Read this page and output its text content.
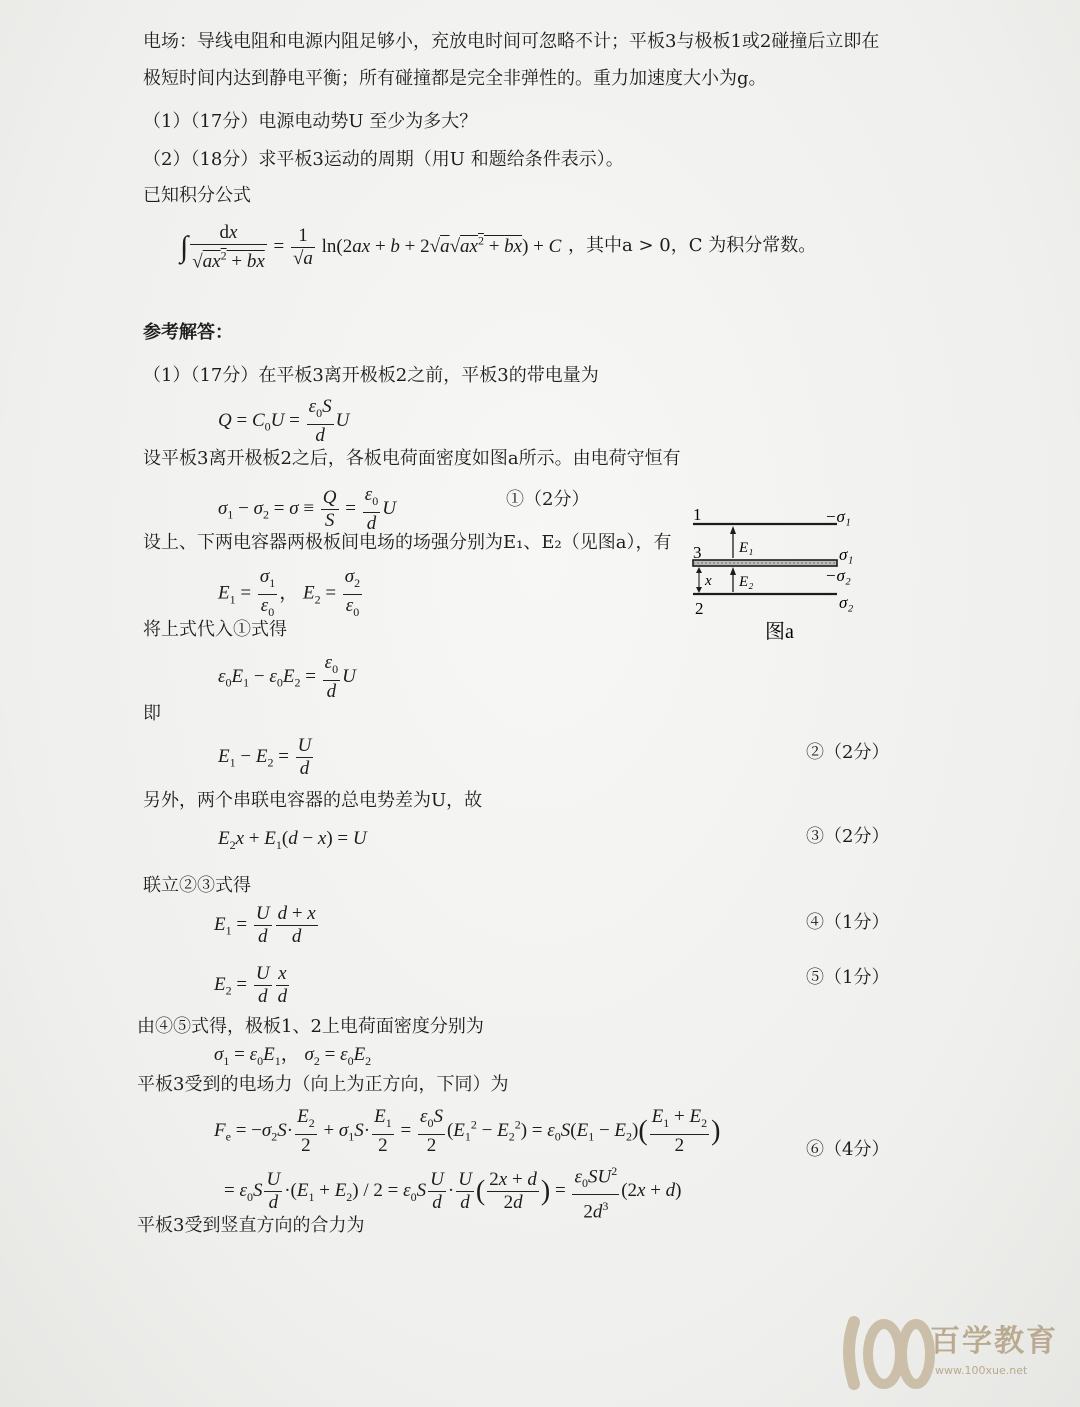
电场：导线电阻和电源内阻足够小，充放电时间可忽略不计；平板3与极板1或2碰撞后立即在
极短时间内达到静电平衡；所有碰撞都是完全非弹性的。重力加速度大小为g。
（1）（17分）电源电动势U 至少为多大？
（2）（18分）求平板3运动的周期（用U 和题给条件表示）。
已知积分公式
∫ $\frac{dx}{√ax^2 + bx} = \frac{1}{√a} \ln(2ax + b + 2√a√ax^2 + bx) + C$ ，其中a > 0，C 为积分常数。
参考解答：
（1）（17分）在平板3离开极板2之前，平板3的带电量为
$Q = C_0U = \frac{\varepsilon_0S}{d}$ U
设平板3离开极板2之后，各板电荷面密度如图a所示。由电荷守恒有
$\sigma_1 - \sigma_2 = \sigma \equiv \frac{Q}{S} = \frac{\varepsilon_0}{d}$ U	①（2分）
设上、下两电容器两极板间电场的场强分别为E₁、E₂（见图a），有
$E_1 = \frac{\sigma_1}{\varepsilon_0}$ ， $E_2 = \frac{\sigma_2}{\varepsilon_0}$
将上式代入①式得
$\varepsilon_0E_1 - \varepsilon_0E_2 = \frac{\varepsilon_0}{d}$ U
即
$E_1 - E_2 = \frac{U}{d}$	②（2分）
另外，两个串联电容器的总电势差为U，故
$E_2x + E_1(d - x) = U$	③（2分）
联立②③式得
$E_1 = \frac{U}{d} \frac{d + x}{d}$	④（1分）
$E_2 = \frac{U}{d} \frac{x}{d}$	⑤（1分）
由④⑤式得，极板1、2上电荷面密度分别为
$\sigma_1 = \varepsilon_0E_1$， $\sigma_2 = \varepsilon_0E_2$
平板3受到的电场力（向上为正方向，下同）为
$F_e = -\sigma_2S\cdot \frac{E_2}{2} + \sigma_1S\cdot \frac{E_1}{2} = \frac{\varepsilon_0S}{2} (E_1^2 - E_2^2) = \varepsilon_0S(E_1 - E_2)( \frac{E_1 + E_2}{2}$ )
⑥（4分）
= $\varepsilon_0S \frac{U}{d} \cdot(E_1 + E_2) / 2 = \varepsilon_0S \frac{U}{d} \cdot \frac{U}{d}$ ( $\frac{2x + d}{2d}$ ) = $\frac{\varepsilon_0SU^2}{2d^3} (2x + d)$
平板3受到竖直方向的合力为
1
3
2
E₁
E₂
x
−σ₁
σ₁
−σ₂
σ₂
图a
百学教育
www.100xue.net
